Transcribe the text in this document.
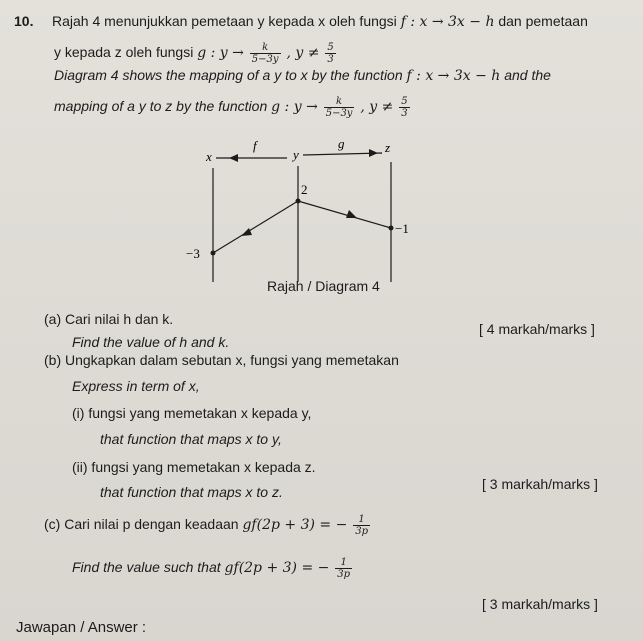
10. Rajah 4 menunjukkan pemetaan y kepada x oleh fungsi f : x → 3x − h dan pemetaan
y kepada z oleh fungsi g : $y \to \frac{k}{5-3y}$ , $y \ne \frac{5}{3}$
Diagram 4 shows the mapping of a y to x by the function f : x → 3x − h and the
mapping of a y to z by the function g : $y \to \frac{k}{5-3y}$ , $y \ne \frac{5}{3}$
f	g
x	y	z
2
−1
−3
Rajah / Diagram 4
(a) Cari nilai h dan k.
Find the value of h and k.
[ 4 markah/marks ]
(b) Ungkapkan dalam sebutan x, fungsi yang memetakan
Express in term of x,
(i) fungsi yang memetakan x kepada y,
that function that maps x to y,
(ii) fungsi yang memetakan x kepada z.
that function that maps x to z.	[ 3 markah/marks ]
(c) Cari nilai p dengan keadaan gf(2p + 3) = − $\frac{1}{3p}$
Find the value such that gf(2p + 3) = − $\frac{1}{3p}$
[ 3 markah/marks ]
Jawapan / Answer :
